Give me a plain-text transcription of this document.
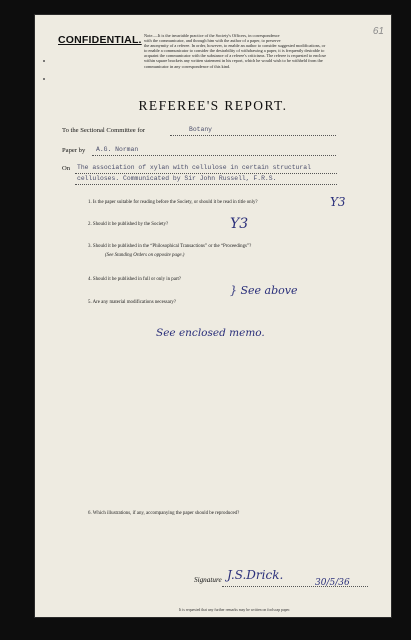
61
CONFIDENTIAL. Note.—It is the invariable practice of the Society's Officers, in correspondence
with the communicator, and through him with the author of a paper, to preserve
the anonymity of a referee. In order, however, to enable an author to consider suggested modifications, or
to enable a communicator to consider the desirability of withdrawing a paper, it is frequently desirable to
acquaint the communicator with the substance of a referee's criticisms. The referee is requested to enclose
within square brackets any written statement in his report, which he would wish to be withheld from the
communicator in any correspondence of this kind.
REFEREE'S REPORT.
To the Sectional Committee for	Botany
Paper by A.G. Norman
On The association of xylan with cellulose in certain structural
celluloses. Communicated by Sir John Russell, F.R.S.
1. Is the paper suitable for reading before the Society, or should it be read in title only?	Y3
2. Should it be published by the Society?	Y3
3. Should it be published in the “Philosophical Transactions” or the “Proceedings”?
(See Standing Orders on opposite page.)
4. Should it be published in full or only in part?
5. Are any material modifications necessary?
} See above
See enclosed memo.
6. Which illustrations, if any, accompanying the paper should be reproduced?
Signature J.S.Drick.
30/5/36
It is requested that any further remarks may be written on foolscap paper.
